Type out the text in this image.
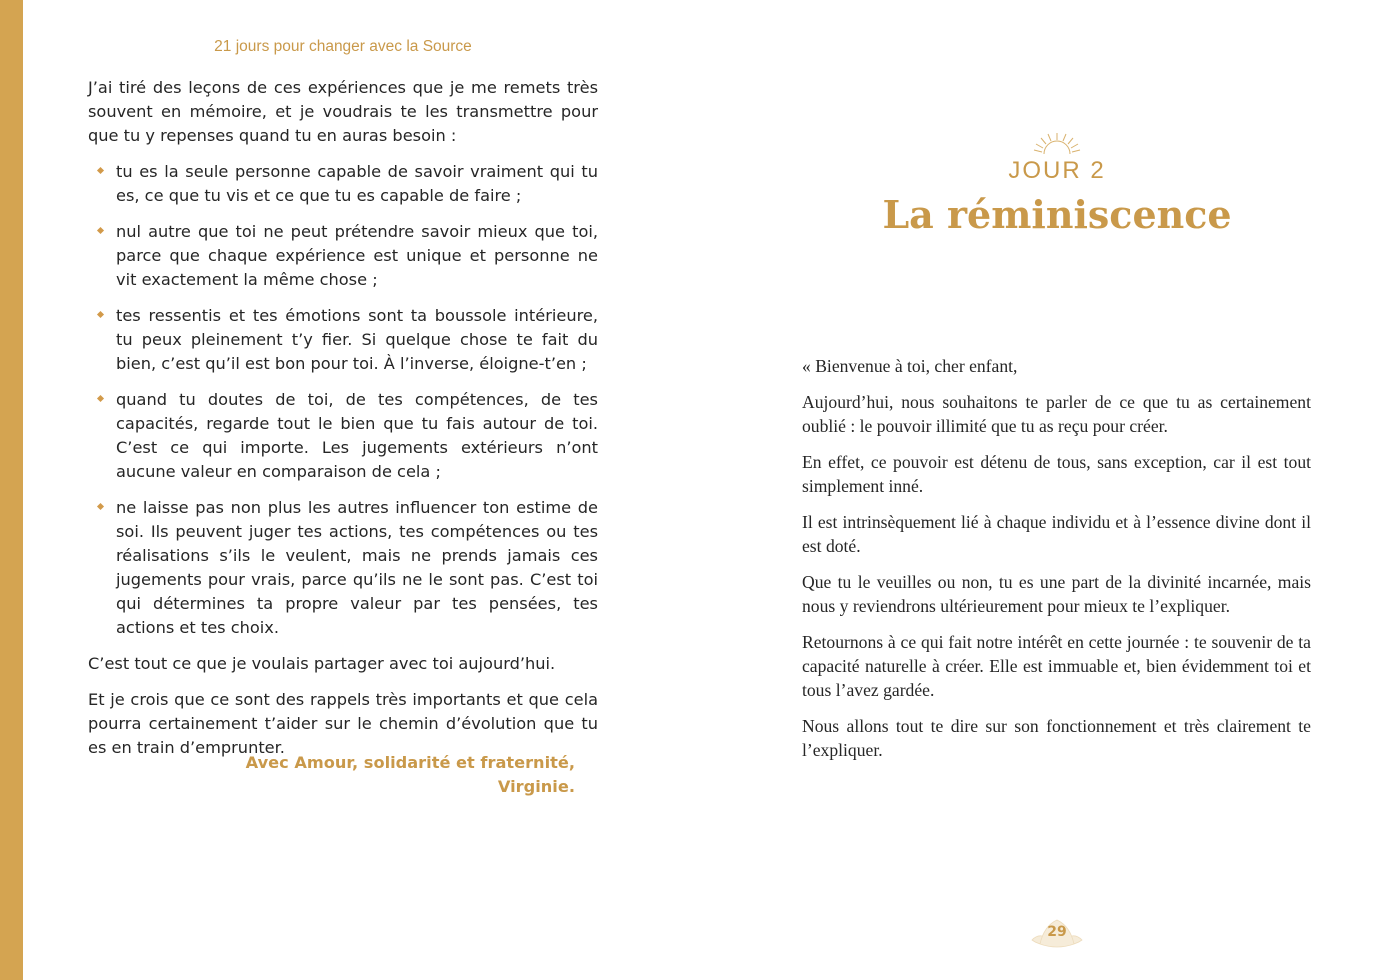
21 jours pour changer avec la Source

J’ai tiré des leçons de ces expériences que je me remets très souvent en mémoire, et je voudrais te les transmettre pour que tu y repenses quand tu en auras besoin :

tu es la seule personne capable de savoir vraiment qui tu es, ce que tu vis et ce que tu es capable de faire ;
nul autre que toi ne peut prétendre savoir mieux que toi, parce que chaque expérience est unique et personne ne vit exactement la même chose ;
tes ressentis et tes émotions sont ta boussole intérieure, tu peux pleinement t’y fier. Si quelque chose te fait du bien, c’est qu’il est bon pour toi. À l’inverse, éloigne-t’en ;
quand tu doutes de toi, de tes compétences, de tes capacités, regarde tout le bien que tu fais autour de toi. C’est ce qui importe. Les jugements extérieurs n’ont aucune valeur en comparaison de cela ;
ne laisse pas non plus les autres influencer ton estime de soi. Ils peuvent juger tes actions, tes compétences ou tes réalisations s’ils le veulent, mais ne prends jamais ces jugements pour vrais, parce qu’ils ne le sont pas. C’est toi qui détermines ta propre valeur par tes pensées, tes actions et tes choix.

C’est tout ce que je voulais partager avec toi aujourd’hui.

Et je crois que ce sont des rappels très importants et que cela pourra certainement t’aider sur le chemin d’évolution que tu es en train d’emprunter.

Avec Amour, solidarité et fraternité,
Virginie.
JOUR 2
La réminiscence

« Bienvenue à toi, cher enfant,

Aujourd’hui, nous souhaitons te parler de ce que tu as certainement oublié : le pouvoir illimité que tu as reçu pour créer.

En effet, ce pouvoir est détenu de tous, sans exception, car il est tout simplement inné.

Il est intrinsèquement lié à chaque individu et à l’essence divine dont il est doté.

Que tu le veuilles ou non, tu es une part de la divinité incarnée, mais nous y reviendrons ultérieurement pour mieux te l’expliquer.

Retournons à ce qui fait notre intérêt en cette journée : te souvenir de ta capacité naturelle à créer. Elle est immuable et, bien évidemment toi et tous l’avez gardée.

Nous allons tout te dire sur son fonctionnement et très clairement te l’expliquer.

29
